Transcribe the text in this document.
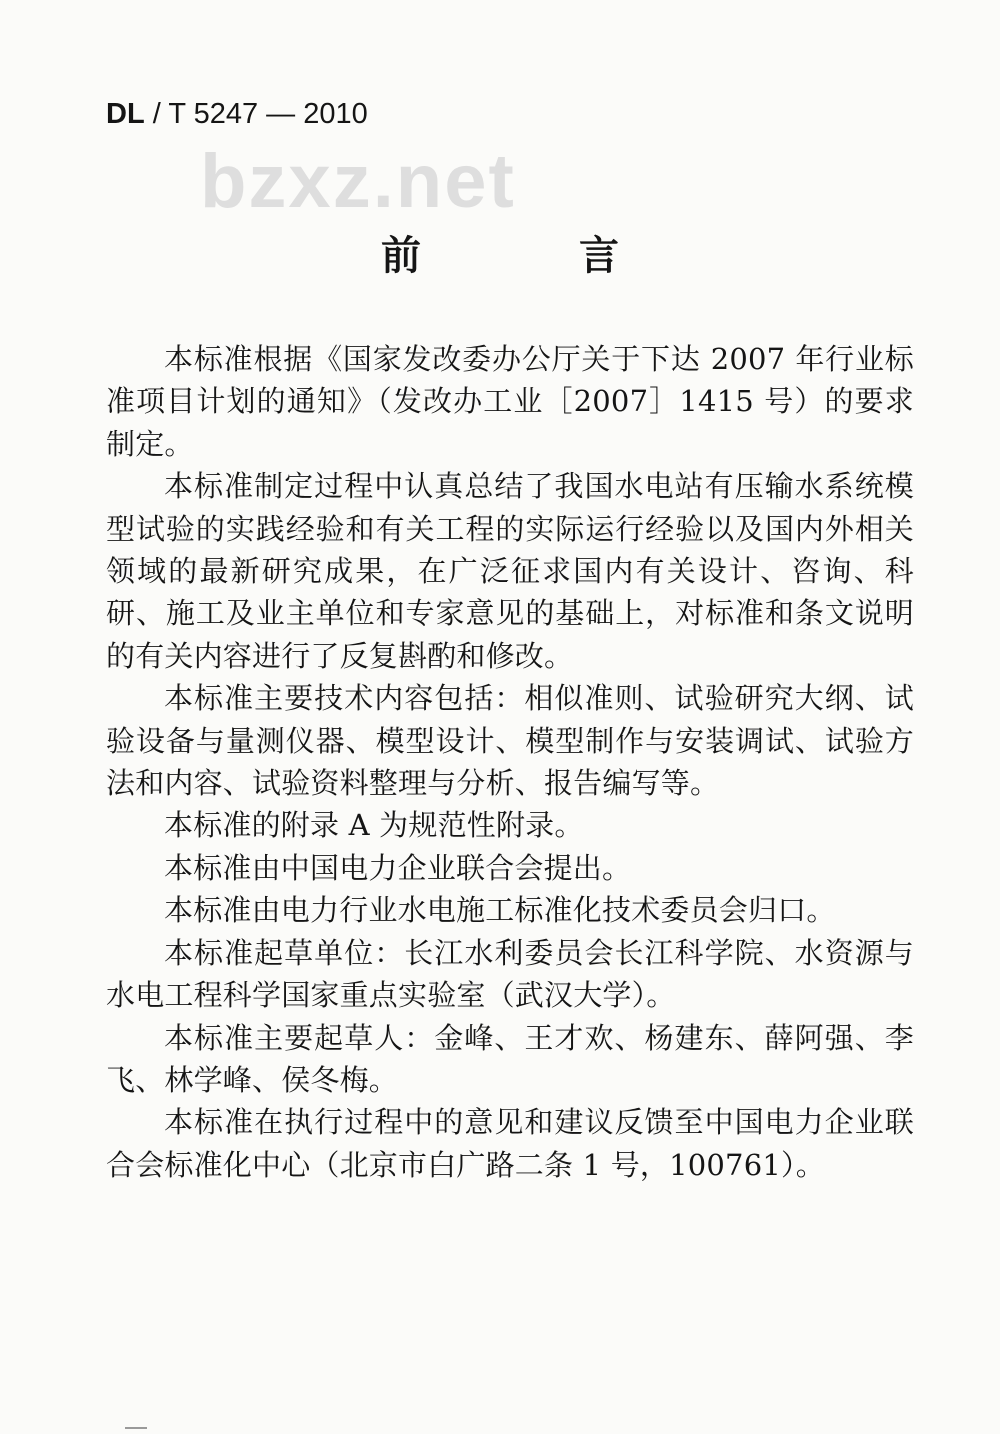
DL / T 5247 — 2010
bzxz.net
前 言

本标准根据《国家发改委办公厅关于下达 2007 年行业标准项目计划的通知》（发改办工业［2007］1415 号）的要求制定。

本标准制定过程中认真总结了我国水电站有压输水系统模型试验的实践经验和有关工程的实际运行经验以及国内外相关领域的最新研究成果，在广泛征求国内有关设计、咨询、科研、施工及业主单位和专家意见的基础上，对标准和条文说明的有关内容进行了反复斟酌和修改。

本标准主要技术内容包括：相似准则、试验研究大纲、试验设备与量测仪器、模型设计、模型制作与安装调试、试验方法和内容、试验资料整理与分析、报告编写等。

本标准的附录 A 为规范性附录。

本标准由中国电力企业联合会提出。

本标准由电力行业水电施工标准化技术委员会归口。

本标准起草单位：长江水利委员会长江科学院、水资源与水电工程科学国家重点实验室（武汉大学）。

本标准主要起草人：金峰、王才欢、杨建东、薛阿强、李飞、林学峰、侯冬梅。

本标准在执行过程中的意见和建议反馈至中国电力企业联合会标准化中心（北京市白广路二条 1 号，100761）。
